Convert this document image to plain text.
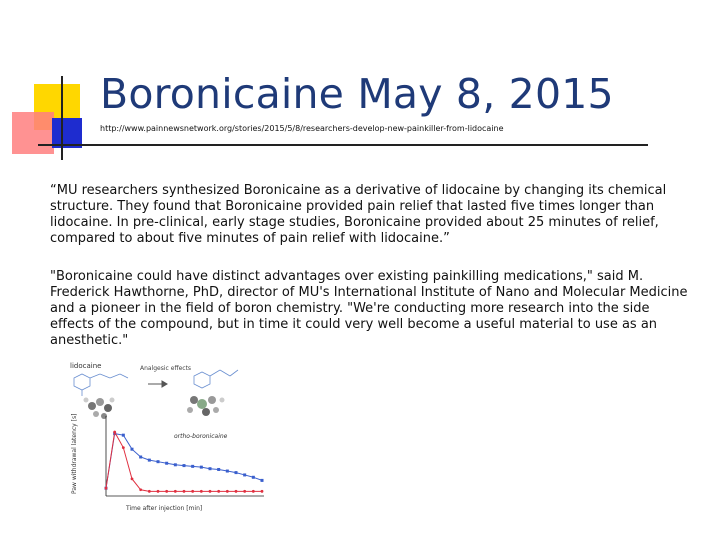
Boronicaine May 8, 2015
http://www.painnewsnetwork.org/stories/2015/5/8/researchers-develop-new-painkiller-from-lidocaine

“MU researchers synthesized Boronicaine as a derivative of lidocaine by changing its chemical structure. They found that Boronicaine provided pain relief that lasted five times longer than lidocaine. In pre-clinical, early stage studies, Boronicaine provided about 25 minutes of relief, compared to about five minutes of pain relief with lidocaine.”

"Boronicaine could have distinct advantages over existing painkilling medications," said M. Frederick Hawthorne, PhD, director of MU's International Institute of Nano and Molecular Medicine and a pioneer in the field of boron chemistry. "We're conducting more research into the side effects of the compound, but in time it could very well become a useful material to use as an anesthetic."

lidocaine	Analgesic effects
ortho-boronicaine
Paw withdrawal latency [s]
Time after injection [min]
